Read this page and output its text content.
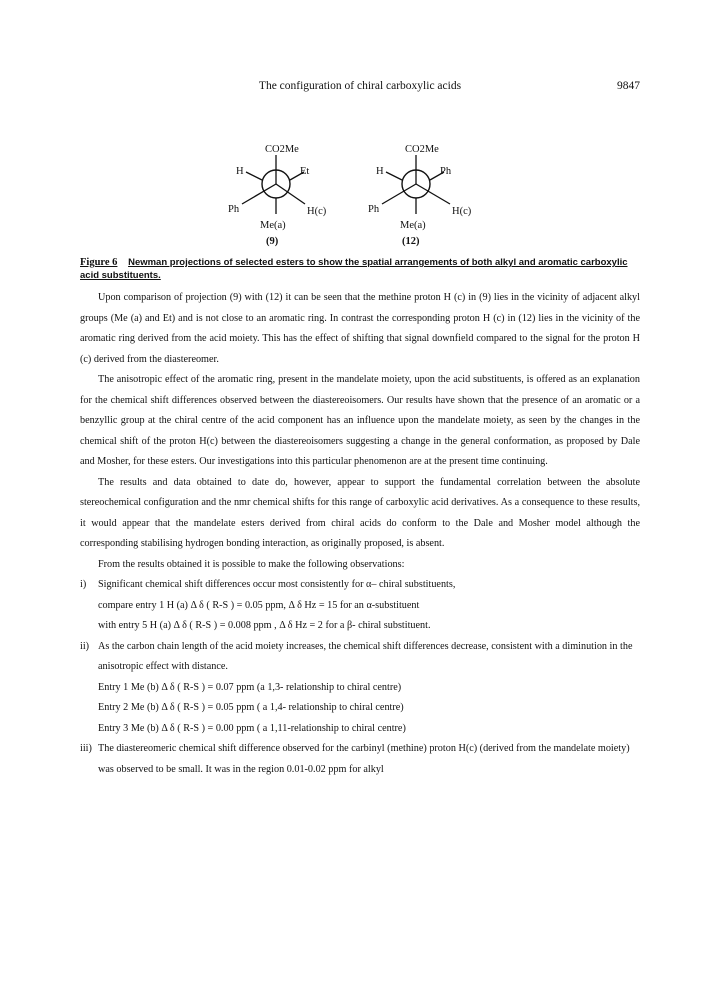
The configuration of chiral carboxylic acids	9847
CO2Me
H	Et
Ph	H(c)
Me(a)
(9)
CO2Me
H	Ph
Ph	H(c)
Me(a)
(12)
Figure 6 Newman projections of selected esters to show the spatial arrangements of both alkyl and aromatic carboxylic acid substituents.

Upon comparison of projection (9) with (12) it can be seen that the methine proton H (c) in (9) lies in the vicinity of adjacent alkyl groups (Me (a) and Et) and is not close to an aromatic ring. In contrast the corresponding proton H (c) in (12) lies in the vicinity of the aromatic ring derived from the acid moiety. This has the effect of shifting that signal downfield compared to the signal for the proton H (c) derived from the diastereomer.

The anisotropic effect of the aromatic ring, present in the mandelate moiety, upon the acid substituents, is offered as an explanation for the chemical shift differences observed between the diastereoisomers. Our results have shown that the presence of an aromatic or a benzyllic group at the chiral centre of the acid component has an influence upon the mandelate moiety, as seen by the changes in the chemical shift of the proton H(c) between the diastereoisomers suggesting a change in the general conformation, as proposed by Dale and Mosher, for these esters. Our investigations into this particular phenomenon are at the present time continuing.

The results and data obtained to date do, however, appear to support the fundamental correlation between the absolute stereochemical configuration and the nmr chemical shifts for this range of carboxylic acid derivatives. As a consequence to these results, it would appear that the mandelate esters derived from chiral acids do conform to the Dale and Mosher model although the corresponding stabilising hydrogen bonding interaction, as originally proposed, is absent.

From the results obtained it is possible to make the following observations:

i) Significant chemical shift differences occur most consistently for α– chiral substituents,
compare entry 1 H (a) Δ δ ( R-S ) = 0.05 ppm, Δ δ Hz = 15 for an α-substituent
with entry 5 H (a) Δ δ ( R-S ) = 0.008 ppm , Δ δ Hz = 2 for a β- chiral substituent.
ii) As the carbon chain length of the acid moiety increases, the chemical shift differences decrease, consistent with a diminution in the anisotropic effect with distance.
Entry 1 Me (b) Δ δ ( R-S ) = 0.07 ppm (a 1,3- relationship to chiral centre)
Entry 2 Me (b) Δ δ ( R-S ) = 0.05 ppm ( a 1,4- relationship to chiral centre)
Entry 3 Me (b) Δ δ ( R-S ) = 0.00 ppm ( a 1,11-relationship to chiral centre)
iii) The diastereomeric chemical shift difference observed for the carbinyl (methine) proton H(c) (derived from the mandelate moiety) was observed to be small. It was in the region 0.01-0.02 ppm for alkyl
